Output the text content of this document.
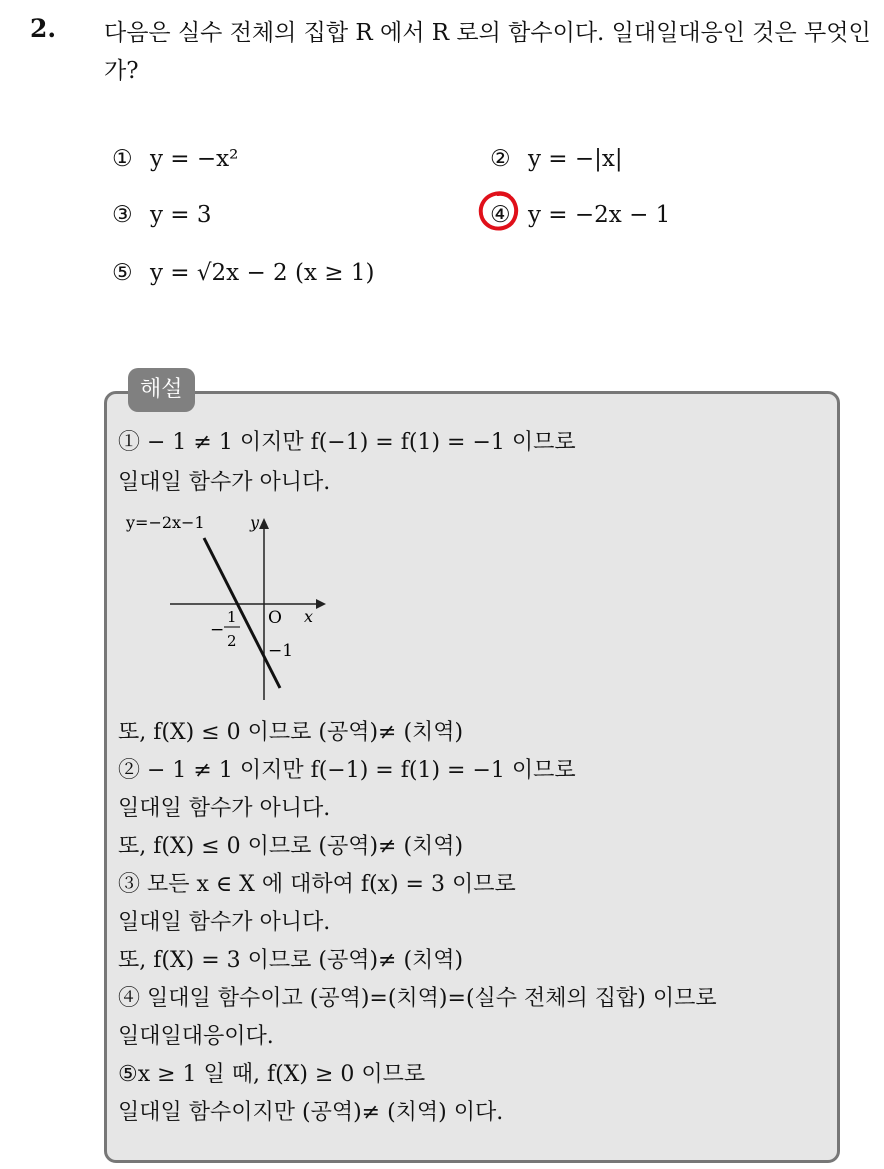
2. 다음은 실수 전체의 집합 R 에서 R 로의 함수이다. 일대일대응인 것은 무엇인가?
① y = −x²	② y = −|x|
③ y = 3	④ y = −2x − 1
⑤ y = √2x − 2 (x ≥ 1)
해설
① − 1 ≠ 1 이지만 f(−1) = f(1) = −1 이므로
일대일 함수가 아니다.
y=−2x−1	y
x
O
−
1
2 −1
또, f(X) ≤ 0 이므로 (공역)≠ (치역)
② − 1 ≠ 1 이지만 f(−1) = f(1) = −1 이므로
일대일 함수가 아니다.
또, f(X) ≤ 0 이므로 (공역)≠ (치역)
③ 모든 x ∈ X 에 대하여 f(x) = 3 이므로
일대일 함수가 아니다.
또, f(X) = 3 이므로 (공역)≠ (치역)
④ 일대일 함수이고 (공역)=(치역)=(실수 전체의 집합) 이므로
일대일대응이다.
⑤x ≥ 1 일 때, f(X) ≥ 0 이므로
일대일 함수이지만 (공역)≠ (치역) 이다.
